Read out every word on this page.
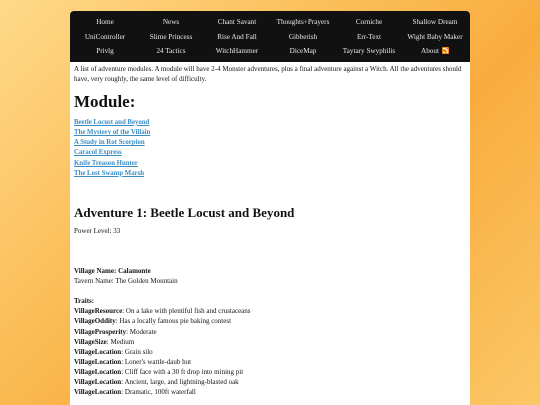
Home	News	Chant Savant	Thoughts+Prayers	Corniche	Shallow Dream
UniController	Slime Princess	Rise And Fall	Gibberish	Err-Text	Wight Baby Maker
Privlg	24 Tactics	WitchHammer	DiceMap	Taytary Swyphilis	About

A list of adventure modules. A module will have 2-4 Monster adventures, plus a final adventure against a Witch. All the adventures should have, very roughly, the same level of difficulty.

Module:
Beetle Locust and Beyond
The Mystery of the Villain
A Study in Rot Scorpion
Caracol Express
Knife Treason Hunter
The Lost Swamp Marsh
Adventure 1: Beetle Locust and Beyond

Power Level: 33

Village Name: Calamonte

Tavern Name: The Golden Mountain

Traits:

VillageResource: On a lake with plentiful fish and crustaceans

VillageOddity: Has a locally famous pie baking contest

VillageProsperity: Moderate

VillageSize: Medium

VillageLocation: Grain silo

VillageLocation: Loner's wattle-daub hut

VillageLocation: Cliff face with a 30 ft drop into mining pit

VillageLocation: Ancient, large, and lightning-blasted oak

VillageLocation: Dramatic, 100ft waterfall
